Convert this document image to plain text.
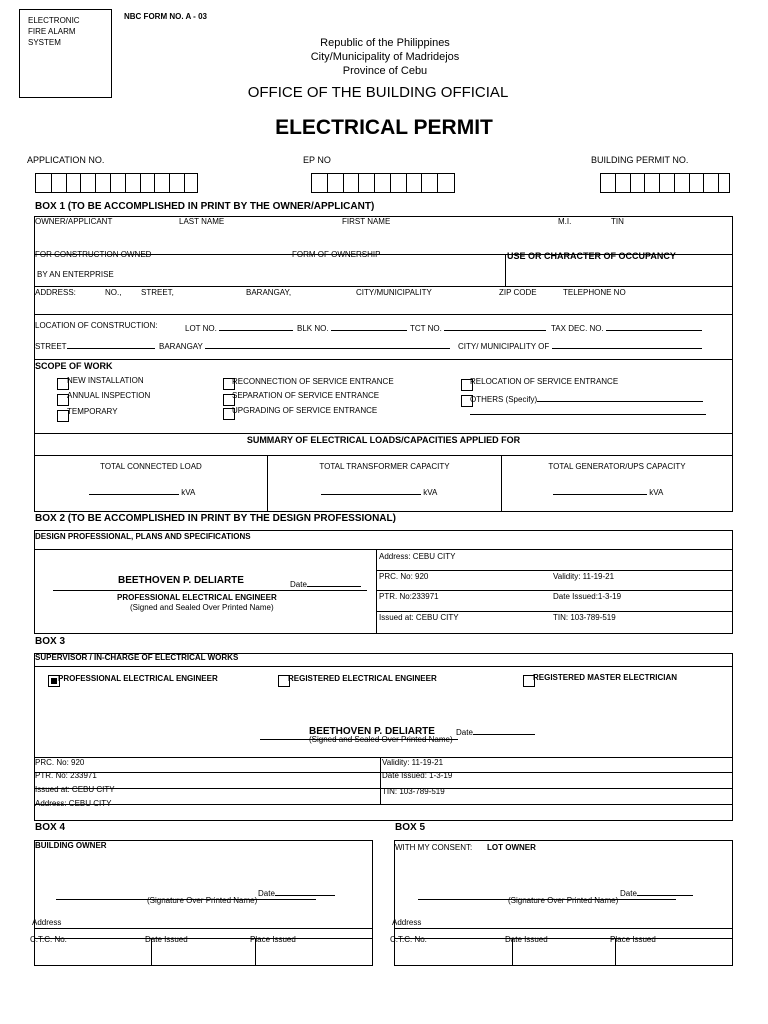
ELECTRONIC
FIRE ALARM
SYSTEM
NBC FORM NO. A - 03
Republic of the Philippines
City/Municipality of Madridejos
Province of Cebu
OFFICE OF THE BUILDING OFFICIAL
ELECTRICAL PERMIT
APPLICATION NO.	EP NO	BUILDING PERMIT NO.
BOX 1 (TO BE ACCOMPLISHED IN PRINT BY THE OWNER/APPLICANT)
OWNER/APPLICANT	LAST NAME	FIRST NAME	M.I.	TIN
FOR CONSTRUCTION OWNED
BY AN ENTERPRISE
FORM OF OWNERSHIP	USE OR CHARACTER OF OCCUPANCY
ADDRESS:	NO., STREET,	BARANGAY,	CITY/MUNICIPALITY	ZIP CODE	TELEPHONE NO
LOCATION OF CONSTRUCTION:	LOT NO.	BLK NO.	TCT NO.	TAX DEC. NO.
STREET	BARANGAY	CITY/ MUNICIPALITY OF
SCOPE OF WORK
NEW INSTALLATION
ANNUAL INSPECTION
TEMPORARY
RECONNECTION OF SERVICE ENTRANCE
SEPARATION OF SERVICE ENTRANCE
UPGRADING OF SERVICE ENTRANCE
RELOCATION OF SERVICE ENTRANCE
OTHERS (Specify)
SUMMARY OF ELECTRICAL LOADS/CAPACITIES APPLIED FOR
TOTAL CONNECTED LOAD	TOTAL TRANSFORMER CAPACITY	TOTAL GENERATOR/UPS CAPACITY
kVA	kVA	kVA
BOX 2 (TO BE ACCOMPLISHED IN PRINT BY THE DESIGN PROFESSIONAL)
DESIGN PROFESSIONAL, PLANS AND SPECIFICATIONS
BEETHOVEN P. DELIARTE	Date
PROFESSIONAL ELECTRICAL ENGINEER
(Signed and Sealed Over Printed Name)
Address: CEBU CITY
PRC. No: 920	Validity: 11-19-21
PTR. No:233971	Date Issued:1-3-19
Issued at: CEBU CITY	TIN: 103-789-519
BOX 3
SUPERVISOR / IN-CHARGE OF ELECTRICAL WORKS
PROFESSIONAL ELECTRICAL ENGINEER	REGISTERED ELECTRICAL ENGINEER	REGISTERED MASTER ELECTRICIAN
BEETHOVEN P. DELIARTE	Date
(Signed and Sealed Over Printed Name)
PRC. No: 920	Validity: 11-19-21
PTR. No: 233971	Date Issued: 1-3-19
Issued at: CEBU CITY	TIN: 103-789-519
Address: CEBU CITY
BOX 4
BUILDING OWNER
Date
(Signature Over Printed Name)
Address
C.T.C. No.	Date Issued	Place Issued
BOX 5
WITH MY CONSENT: LOT OWNER
Date
(Signature Over Printed Name)
Address
C.T.C. No.	Date Issued	Place Issued
